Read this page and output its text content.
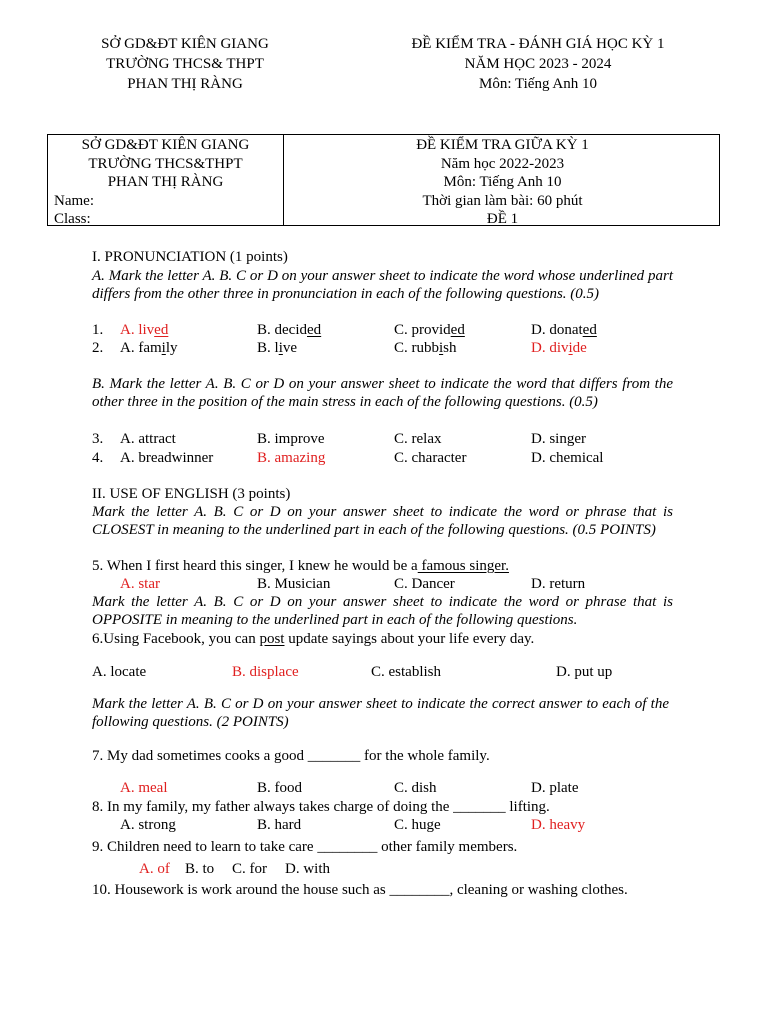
SỞ GD&ĐT KIÊN GIANG
TRƯỜNG THCS& THPT
PHAN THỊ RÀNG
ĐỀ KIỂM TRA - ĐÁNH GIÁ HỌC KỲ 1
NĂM HỌC 2023 - 2024
Môn: Tiếng Anh 10
SỞ GD&ĐT KIÊN GIANG
TRƯỜNG THCS&THPT
PHAN THỊ RÀNG
Name:
Class:
ĐỀ KIỂM TRA GIỮA KỲ 1
Năm học 2022-2023
Môn: Tiếng Anh 10
Thời gian làm bài: 60 phút
ĐỀ 1
I. PRONUNCIATION (1 points)
A. Mark the letter A. B. C or D on your answer sheet to indicate the word whose underlined part differs from the other three in pronunciation in each of the following questions. (0.5)
1. A. lived	B. decided	C. provided	D. donated
2. A. family	B. live	C. rubbish	D. divide
B. Mark the letter A. B. C or D on your answer sheet to indicate the word that differs from the other three in the position of the main stress in each of the following questions. (0.5)
3. A. attract	B. improve	C. relax	D. singer
4. A. breadwinner	B. amazing	C. character	D. chemical
II. USE OF ENGLISH (3 points)
Mark the letter A. B. C or D on your answer sheet to indicate the word or phrase that is CLOSEST in meaning to the underlined part in each of the following questions. (0.5 POINTS)
5. When I first heard this singer, I knew he would be a famous singer.
A. star	B. Musician	C. Dancer	D. return
Mark the letter A. B. C or D on your answer sheet to indicate the word or phrase that is OPPOSITE in meaning to the underlined part in each of the following questions.
6.Using Facebook, you can post update sayings about your life every day.
A. locate	B. displace	C. establish	D. put up
Mark the letter A. B. C or D on your answer sheet to indicate the correct answer to each of the following questions. (2 POINTS)
7. My dad sometimes cooks a good _______ for the whole family.
A. meal	B. food	C. dish	D. plate
8. In my family, my father always takes charge of doing the _______ lifting.
A. strong	B. hard	C. huge	D. heavy
9. Children need to learn to take care ________ other family members.
A. of B. to C. for D. with
10. Housework is work around the house such as ________, cleaning or washing clothes.
